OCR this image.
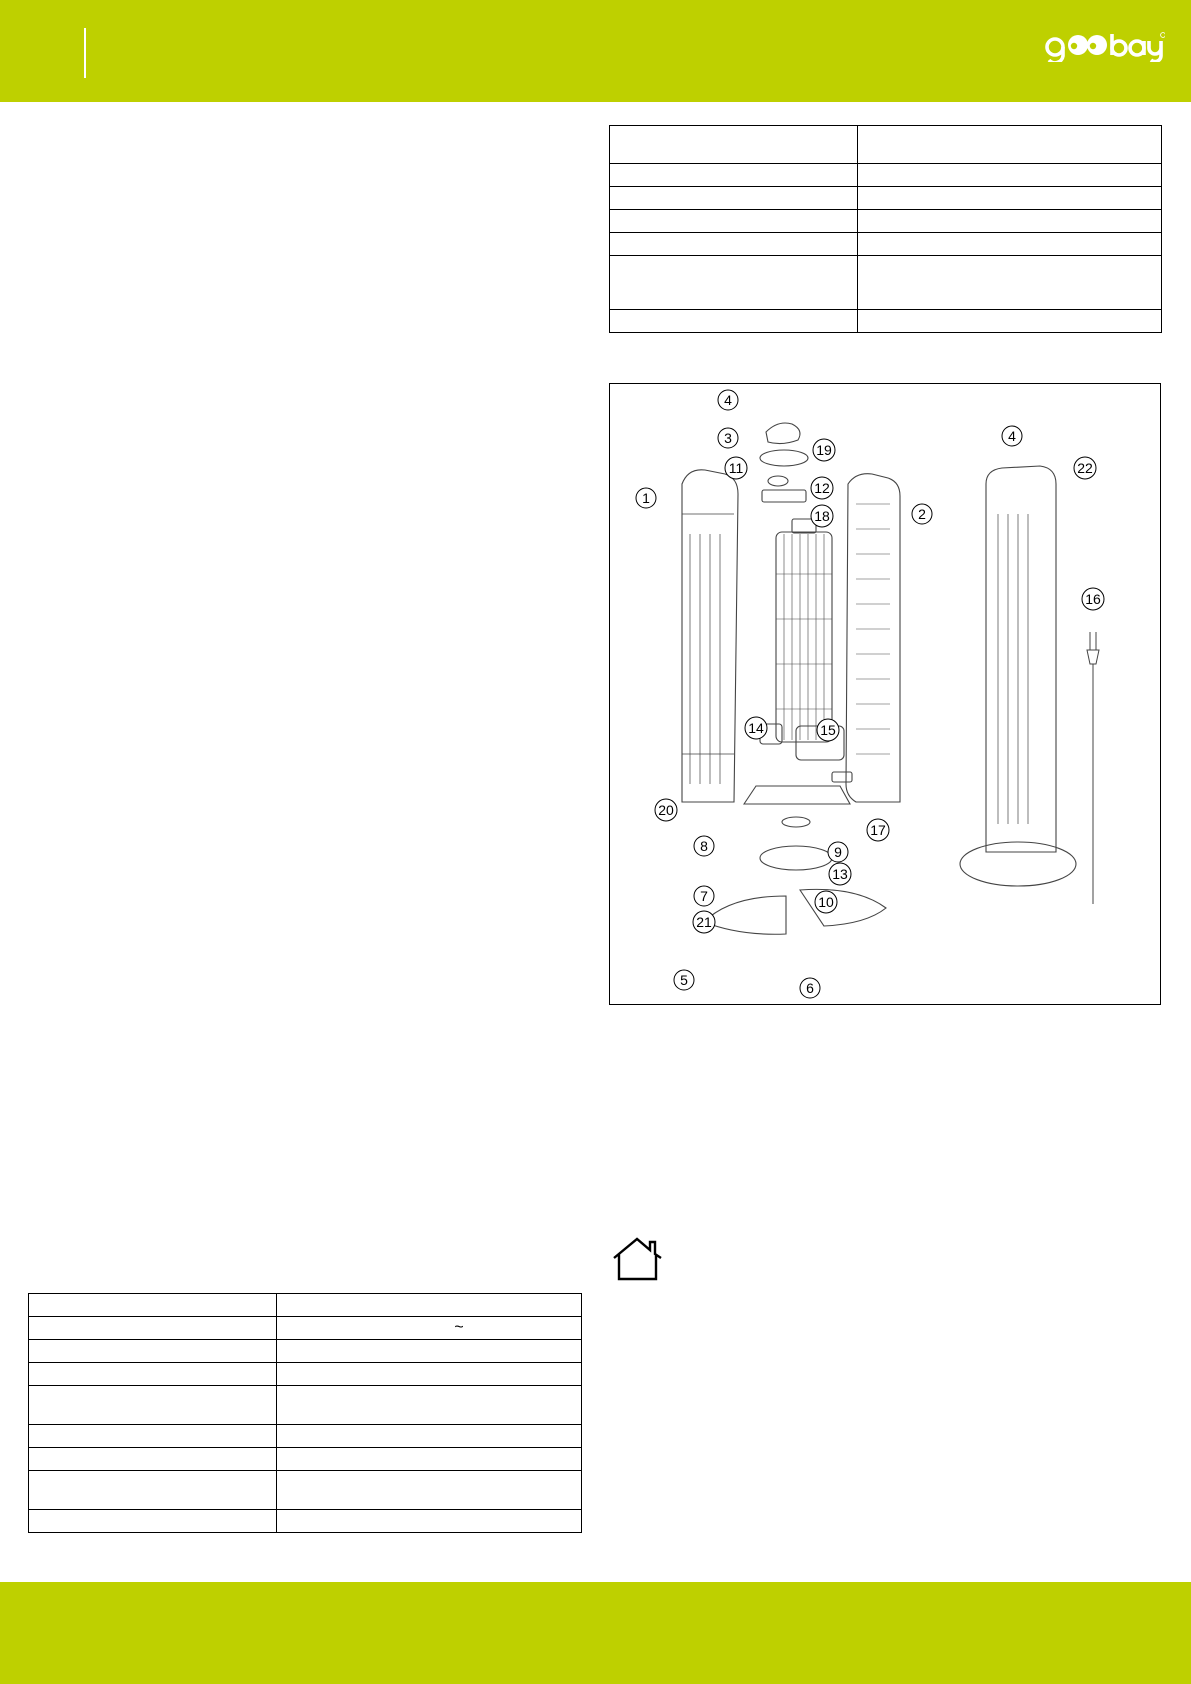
4
3
19
11
12
1
18	2
4
22
16
14	15
20
17
8	9
13
7	10
21
5	6

	~
